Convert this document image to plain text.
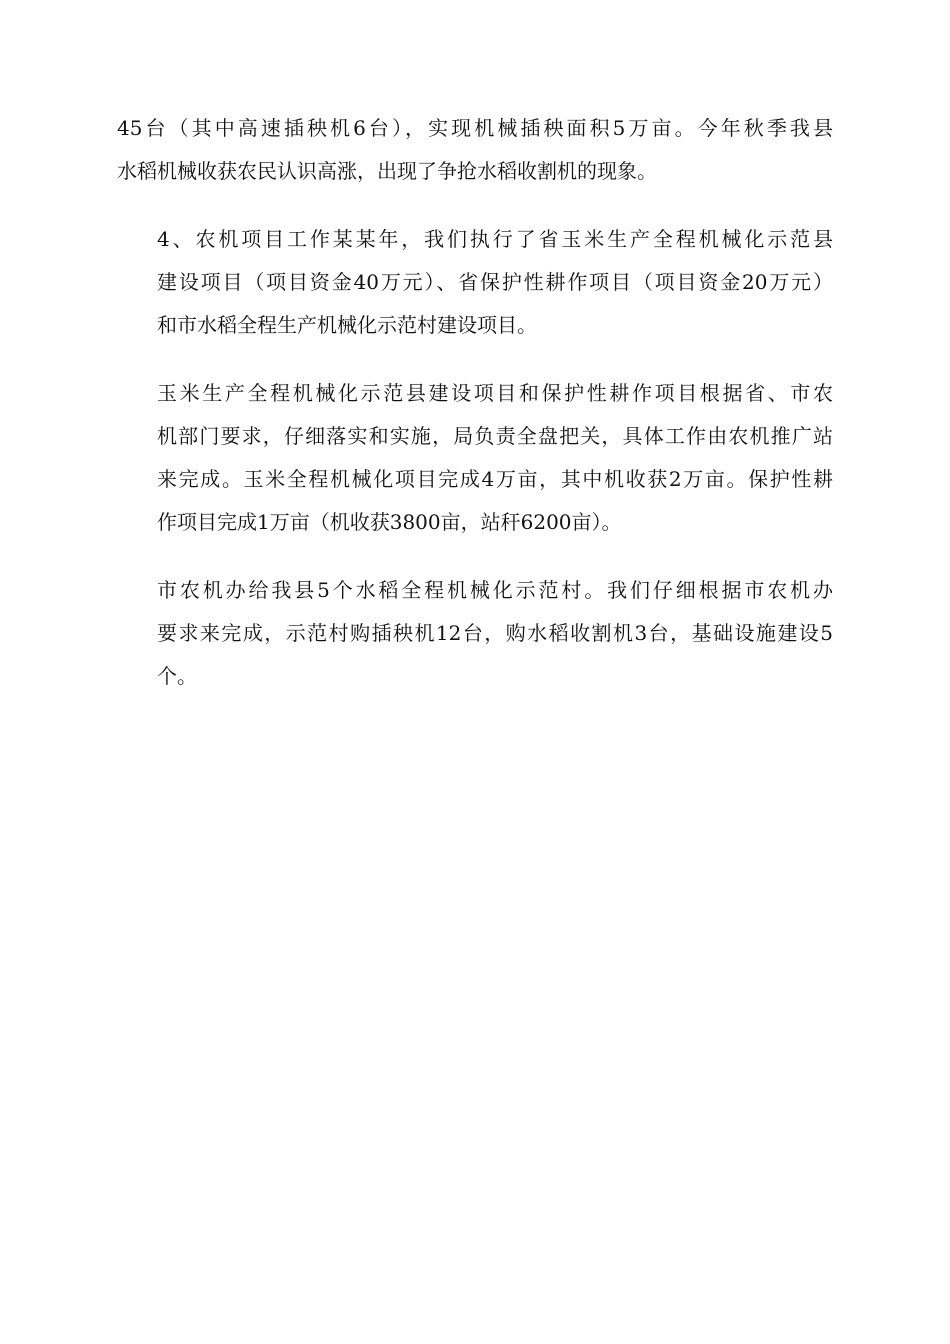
45台（其中高速插秧机6台），实现机械插秧面积5万亩。今年秋季我县
水稻机械收获农民认识高涨，出现了争抢水稻收割机的现象。

4、农机项目工作某某年，我们执行了省玉米生产全程机械化示范县
建设项目（项目资金40万元）、省保护性耕作项目（项目资金20万元）
和市水稻全程生产机械化示范村建设项目。

玉米生产全程机械化示范县建设项目和保护性耕作项目根据省、市农
机部门要求，仔细落实和实施，局负责全盘把关，具体工作由农机推广站
来完成。玉米全程机械化项目完成4万亩，其中机收获2万亩。保护性耕
作项目完成1万亩（机收获3800亩，站秆6200亩）。

市农机办给我县5个水稻全程机械化示范村。我们仔细根据市农机办
要求来完成，示范村购插秧机12台，购水稻收割机3台，基础设施建设5
个。
